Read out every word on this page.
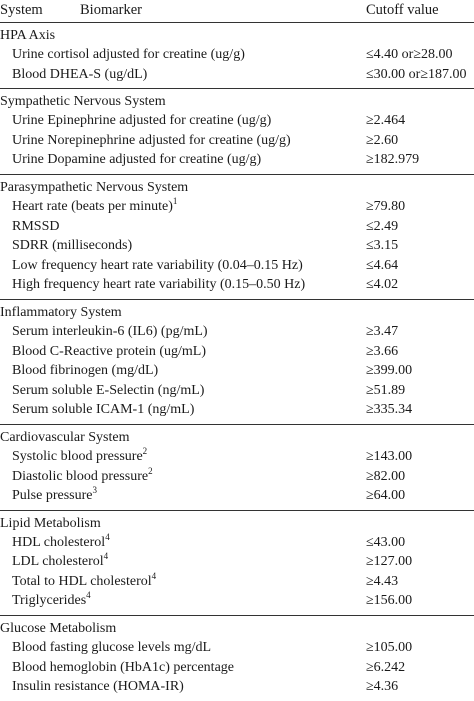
System	Biomarker	Cutoff value
HPA Axis
Urine cortisol adjusted for creatine (ug/g)	≤4.40 or≥28.00
Blood DHEA-S (ug/dL)	≤30.00 or≥187.00
Sympathetic Nervous System
Urine Epinephrine adjusted for creatine (ug/g)	≥2.464
Urine Norepinephrine adjusted for creatine (ug/g)	≥2.60
Urine Dopamine adjusted for creatine (ug/g)	≥182.979
Parasympathetic Nervous System
Heart rate (beats per minute)$^1$	≥79.80
RMSSD	≤2.49
SDRR (milliseconds)	≤3.15
Low frequency heart rate variability (0.04–0.15 Hz)	≤4.64
High frequency heart rate variability (0.15–0.50 Hz)	≤4.02
Inflammatory System
Serum interleukin-6 (IL6) (pg/mL)	≥3.47
Blood C-Reactive protein (ug/mL)	≥3.66
Blood fibrinogen (mg/dL)	≥399.00
Serum soluble E-Selectin (ng/mL)	≥51.89
Serum soluble ICAM-1 (ng/mL)	≥335.34
Cardiovascular System
Systolic blood pressure$^2$	≥143.00
Diastolic blood pressure$^2$	≥82.00
Pulse pressure$^3$	≥64.00
Lipid Metabolism
HDL cholesterol$^4$	≤43.00
LDL cholesterol$^4$	≥127.00
Total to HDL cholesterol$^4$	≥4.43
Triglycerides$^4$	≥156.00
Glucose Metabolism
Blood fasting glucose levels mg/dL	≥105.00
Blood hemoglobin (HbA1c) percentage	≥6.242
Insulin resistance (HOMA-IR)	≥4.36
